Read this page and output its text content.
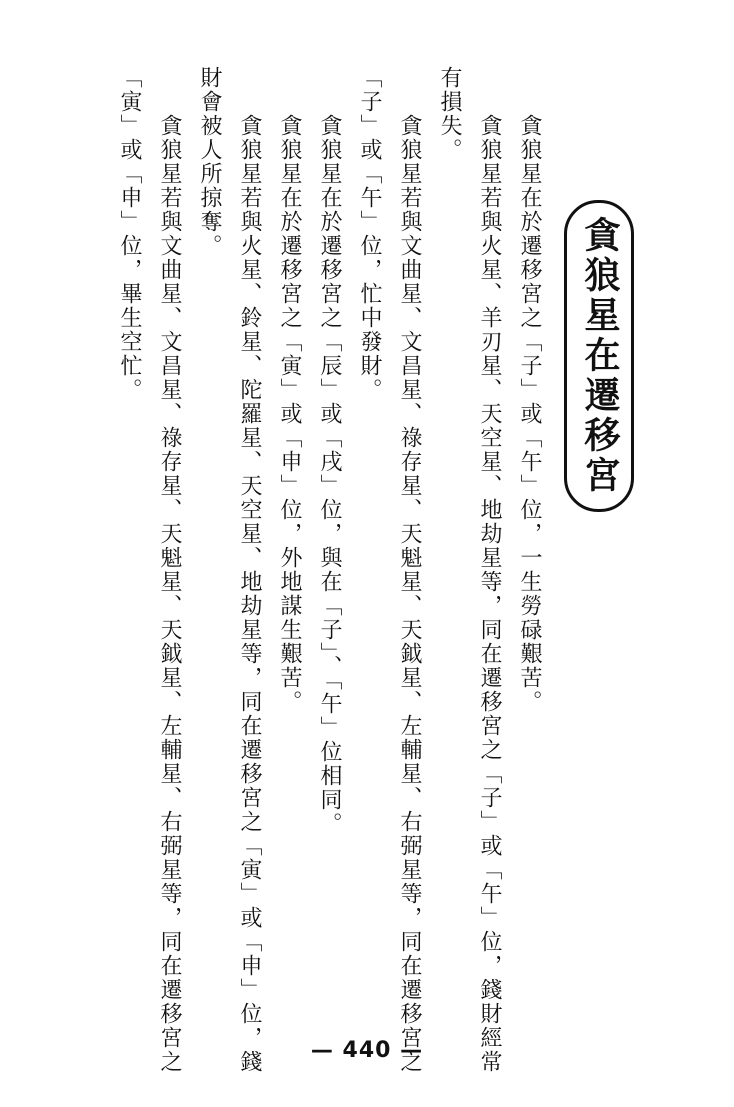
貪狼星在遷移宮
貪狼星在於遷移宮之「子」或「午」位，一生勞碌艱苦。
貪狼星若與火星、羊刃星、天空星、地劫星等，同在遷移宮之「子」或「午」位，錢財經常
有損失。
貪狼星若與文曲星、文昌星、祿存星、天魁星、天鉞星、左輔星、右弼星等，同在遷移宮之
「子」或「午」位，忙中發財。
貪狼星在於遷移宮之「辰」或「戌」位，與在「子」、「午」位相同。
貪狼星在於遷移宮之「寅」或「申」位，外地謀生艱苦。
貪狼星若與火星、鈴星、陀羅星、天空星、地劫星等，同在遷移宮之「寅」或「申」位，錢
財會被人所掠奪。
貪狼星若與文曲星、文昌星、祿存星、天魁星、天鉞星、左輔星、右弼星等，同在遷移宮之
「寅」或「申」位，畢生空忙。
— 440 —
